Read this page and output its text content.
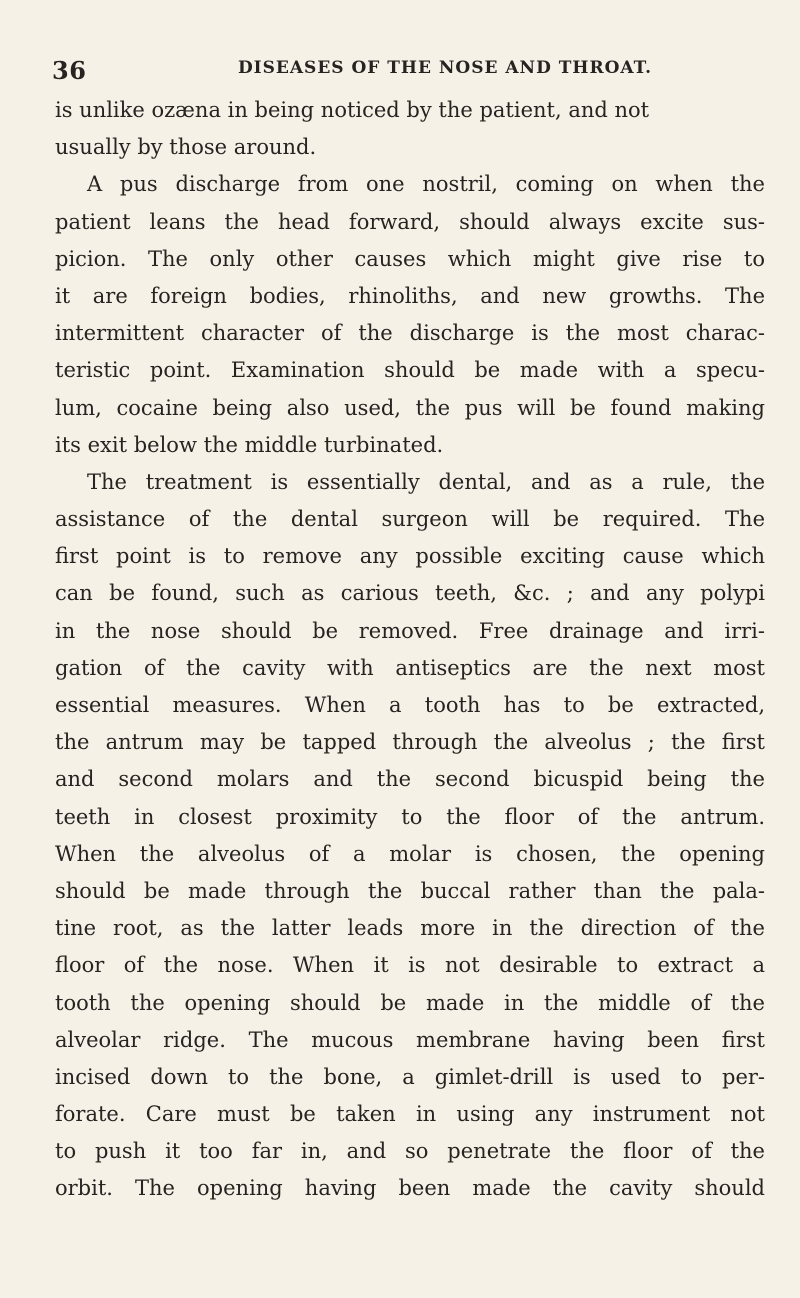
36	DISEASES OF THE NOSE AND THROAT.
is unlike ozæna in being noticed by the patient, and not
usually by those around.
A pus discharge from one nostril, coming on when the
patient leans the head forward, should always excite sus-
picion. The only other causes which might give rise to
it are foreign bodies, rhinoliths, and new growths. The
intermittent character of the discharge is the most charac-
teristic point. Examination should be made with a specu-
lum, cocaine being also used, the pus will be found making
its exit below the middle turbinated.
The treatment is essentially dental, and as a rule, the
assistance of the dental surgeon will be required. The
first point is to remove any possible exciting cause which
can be found, such as carious teeth, &c. ; and any polypi
in the nose should be removed. Free drainage and irri-
gation of the cavity with antiseptics are the next most
essential measures. When a tooth has to be extracted,
the antrum may be tapped through the alveolus ; the first
and second molars and the second bicuspid being the
teeth in closest proximity to the floor of the antrum.
When the alveolus of a molar is chosen, the opening
should be made through the buccal rather than the pala-
tine root, as the latter leads more in the direction of the
floor of the nose. When it is not desirable to extract a
tooth the opening should be made in the middle of the
alveolar ridge. The mucous membrane having been first
incised down to the bone, a gimlet-drill is used to per-
forate. Care must be taken in using any instrument not
to push it too far in, and so penetrate the floor of the
orbit. The opening having been made the cavity should
